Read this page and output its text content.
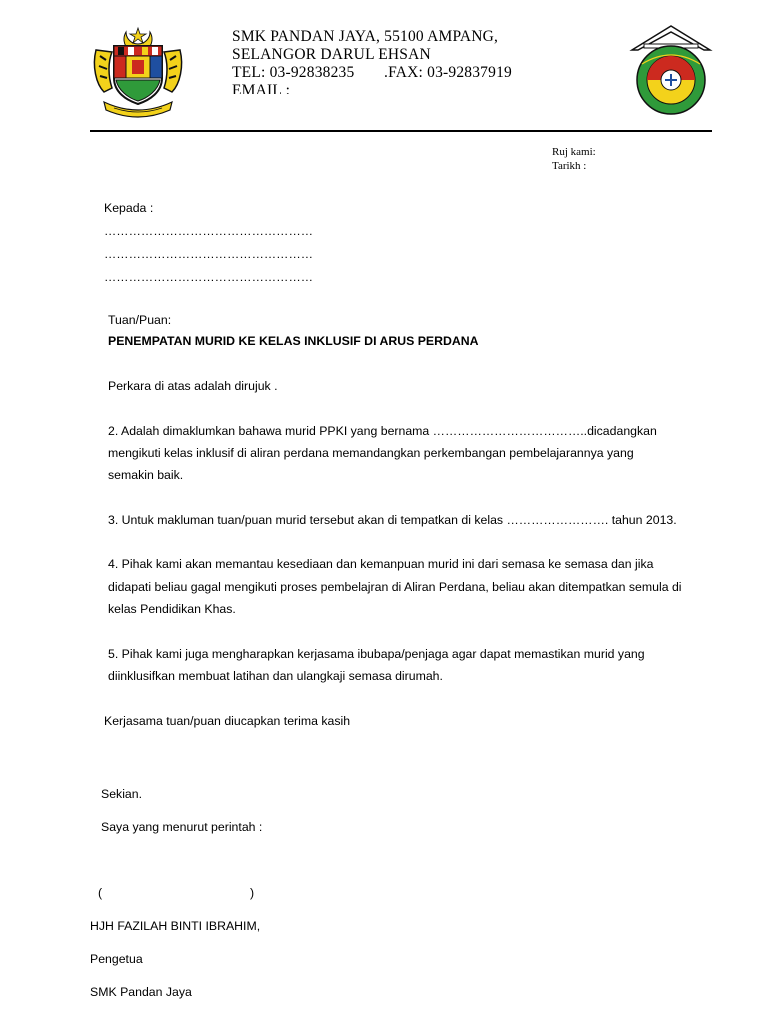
SMK PANDAN JAYA, 55100 AMPANG,
SELANGOR DARUL EHSAN
TEL: 03-92838235 .FAX: 03-92837919
EMAIL :
Ruj kami:
Tarikh :
Kepada :
……………………………………………
……………………………………………
……………………………………………
Tuan/Puan:
PENEMPATAN MURID KE KELAS INKLUSIF DI ARUS PERDANA
Perkara di atas adalah dirujuk .
2. Adalah dimaklumkan bahawa murid PPKI yang bernama ………………………………..dicadangkan
mengikuti kelas inklusif di aliran perdana memandangkan perkembangan pembelajarannya yang
semakin baik.
3. Untuk makluman tuan/puan murid tersebut akan di tempatkan di kelas ……………………. tahun 2013.
4. Pihak kami akan memantau kesediaan dan kemanpuan murid ini dari semasa ke semasa dan jika
didapati beliau gagal mengikuti proses pembelajran di Aliran Perdana, beliau akan ditempatkan semula di
kelas Pendidikan Khas.
5. Pihak kami juga mengharapkan kerjasama ibubapa/penjaga agar dapat memastikan murid yang
diinklusifkan membuat latihan dan ulangkaji semasa dirumah.
Kerjasama tuan/puan diucapkan terima kasih
Sekian.
Saya yang menurut perintah :
(	)
HJH FAZILAH BINTI IBRAHIM,
Pengetua
SMK Pandan Jaya
